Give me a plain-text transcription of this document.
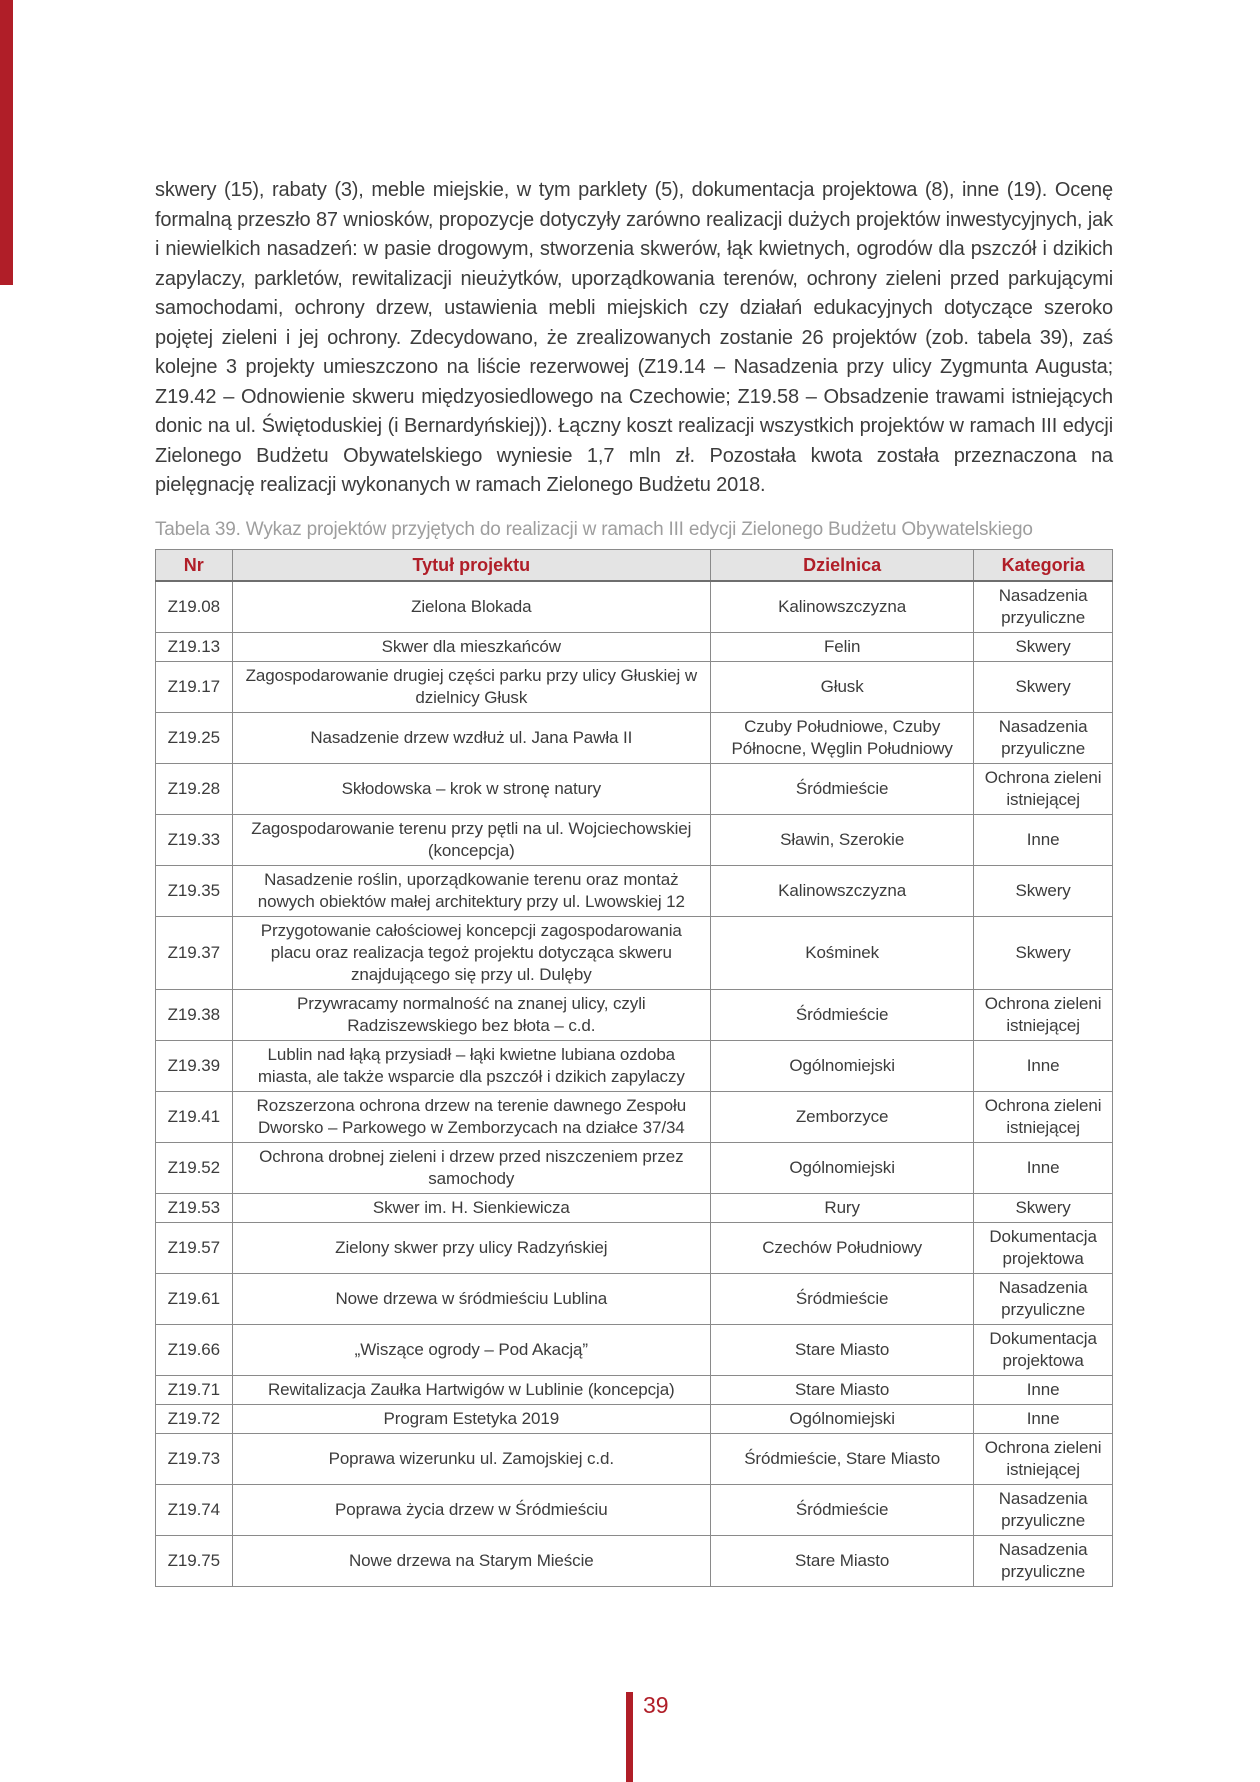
skwery (15), rabaty (3), meble miejskie, w tym parklety (5), dokumentacja projektowa (8), inne (19). Ocenę formalną przeszło 87 wniosków, propozycje dotyczyły zarówno realizacji dużych projektów inwestycyjnych, jak i niewielkich nasadzeń: w pasie drogowym, stworzenia skwerów, łąk kwietnych, ogrodów dla pszczół i dzikich zapylaczy, parkletów, rewitalizacji nieużytków, uporządkowania terenów, ochrony zieleni przed parkującymi samochodami, ochrony drzew, ustawienia mebli miejskich czy działań edukacyjnych dotyczące szeroko pojętej zieleni i jej ochrony. Zdecydowano, że zrealizowanych zostanie 26 projektów (zob. tabela 39), zaś kolejne 3 projekty umieszczono na liście rezerwowej (Z19.14 – Nasadzenia przy ulicy Zygmunta Augusta; Z19.42 – Odnowienie skweru międzyosiedlowego na Czechowie; Z19.58 – Obsadzenie trawami istniejących donic na ul. Świętoduskiej (i Bernardyńskiej)). Łączny koszt realizacji wszystkich projektów w ramach III edycji Zielonego Budżetu Obywatelskiego wyniesie 1,7 mln zł. Pozostała kwota została przeznaczona na pielęgnację realizacji wykonanych w ramach Zielonego Budżetu 2018.

Tabela 39. Wykaz projektów przyjętych do realizacji w ramach III edycji Zielonego Budżetu Obywatelskiego
Nr	Tytuł projektu	Dzielnica	Kategoria
Z19.08	Zielona Blokada	Kalinowszczyzna	Nasadzenia przyuliczne
Z19.13	Skwer dla mieszkańców	Felin	Skwery
Z19.17	Zagospodarowanie drugiej części parku przy ulicy Głuskiej w dzielnicy Głusk	Głusk	Skwery
Z19.25	Nasadzenie drzew wzdłuż ul. Jana Pawła II	Czuby Południowe, Czuby Północne, Węglin Południowy	Nasadzenia przyuliczne
Z19.28	Skłodowska – krok w stronę natury	Śródmieście	Ochrona zieleni istniejącej
Z19.33	Zagospodarowanie terenu przy pętli na ul. Wojciechowskiej (koncepcja)	Sławin, Szerokie	Inne
Z19.35	Nasadzenie roślin, uporządkowanie terenu oraz montaż nowych obiektów małej architektury przy ul. Lwowskiej 12	Kalinowszczyzna	Skwery
Z19.37	Przygotowanie całościowej koncepcji zagospodarowania placu oraz realizacja tegoż projektu dotycząca skweru znajdującego się przy ul. Dulęby	Kośminek	Skwery
Z19.38	Przywracamy normalność na znanej ulicy, czyli Radziszewskiego bez błota – c.d.	Śródmieście	Ochrona zieleni istniejącej
Z19.39	Lublin nad łąką przysiadł – łąki kwietne lubiana ozdoba miasta, ale także wsparcie dla pszczół i dzikich zapylaczy	Ogólnomiejski	Inne
Z19.41	Rozszerzona ochrona drzew na terenie dawnego Zespołu Dworsko – Parkowego w Zemborzycach na działce 37/34	Zemborzyce	Ochrona zieleni istniejącej
Z19.52	Ochrona drobnej zieleni i drzew przed niszczeniem przez samochody	Ogólnomiejski	Inne
Z19.53	Skwer im. H. Sienkiewicza	Rury	Skwery
Z19.57	Zielony skwer przy ulicy Radzyńskiej	Czechów Południowy	Dokumentacja projektowa
Z19.61	Nowe drzewa w śródmieściu Lublina	Śródmieście	Nasadzenia przyuliczne
Z19.66	„Wiszące ogrody – Pod Akacją”	Stare Miasto	Dokumentacja projektowa
Z19.71	Rewitalizacja Zaułka Hartwigów w Lublinie (koncepcja)	Stare Miasto	Inne
Z19.72	Program Estetyka 2019	Ogólnomiejski	Inne
Z19.73	Poprawa wizerunku ul. Zamojskiej c.d.	Śródmieście, Stare Miasto	Ochrona zieleni istniejącej
Z19.74	Poprawa życia drzew w Śródmieściu	Śródmieście	Nasadzenia przyuliczne
Z19.75	Nowe drzewa na Starym Mieście	Stare Miasto	Nasadzenia przyuliczne
39
